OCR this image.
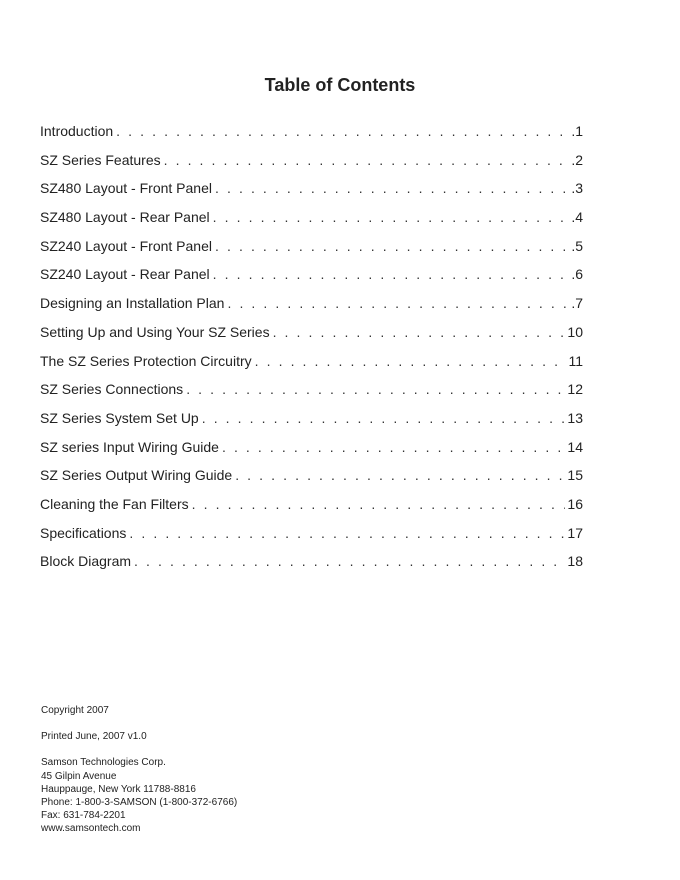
Table of Contents
Introduction . . .	.1
SZ Series Features . . .	.2
SZ480 Layout - Front Panel . . .	.3
SZ480 Layout - Rear Panel . . .	.4
SZ240 Layout - Front Panel . . .	.5
SZ240 Layout - Rear Panel . . .	.6
Designing an Installation Plan . . .	.7
Setting Up and Using Your SZ Series . . .	10
The SZ Series Protection Circuitry . . .	11
SZ Series Connections . . .	12
SZ Series System Set Up . . .	13
SZ series Input Wiring Guide . . .	14
SZ Series Output Wiring Guide . . .	15
Cleaning the Fan Filters . . .	16
Specifications . . .	17
Block Diagram . . .	18

Copyright 2007

Printed June, 2007 v1.0

Samson Technologies Corp.

45 Gilpin Avenue

Hauppauge, New York 11788-8816

Phone: 1-800-3-SAMSON (1-800-372-6766)

Fax: 631-784-2201

www.samsontech.com
